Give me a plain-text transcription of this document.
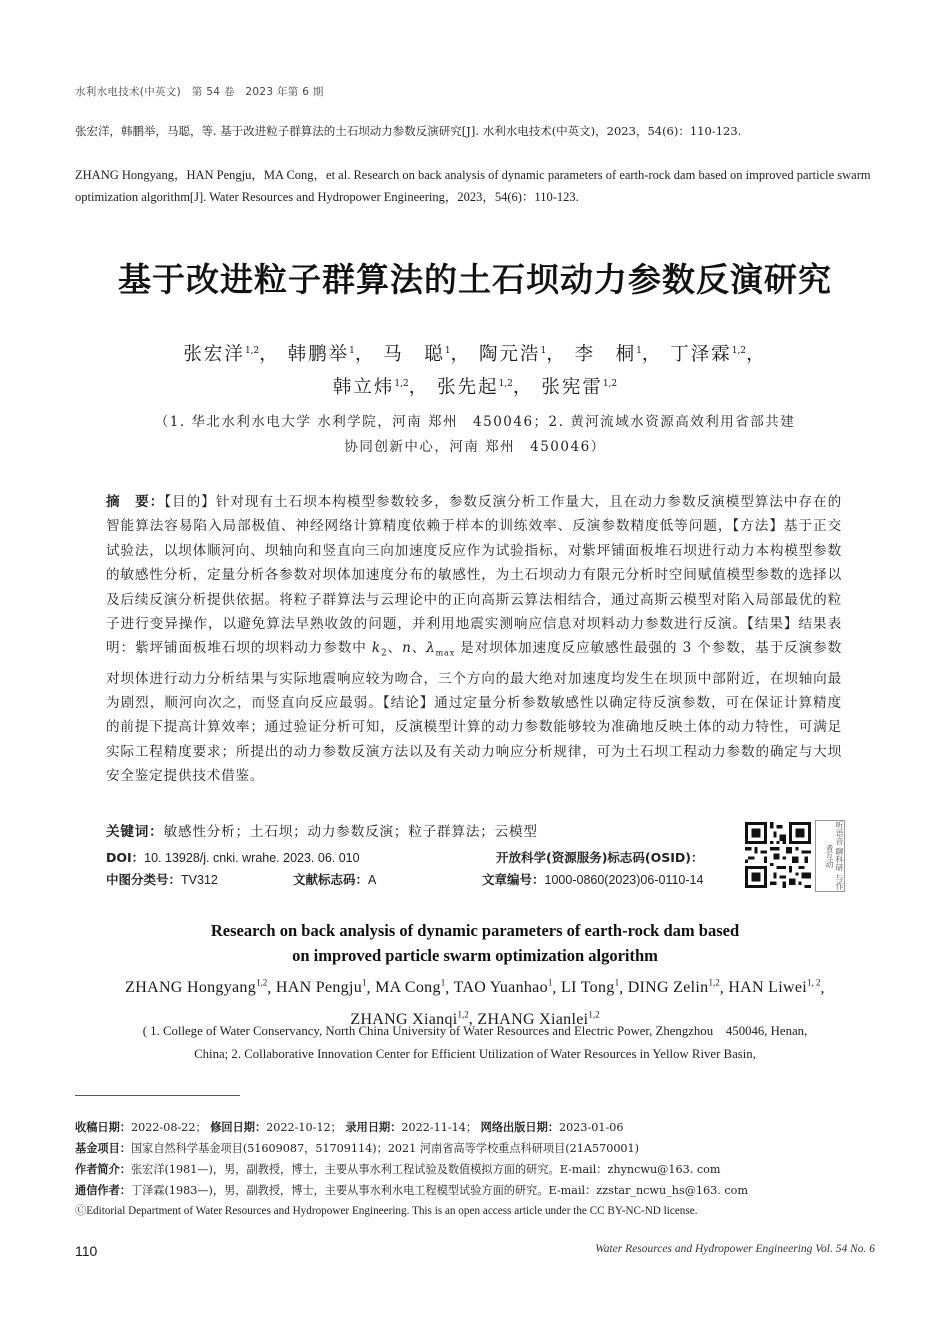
水利水电技术(中英文)　第 54 卷　2023 年第 6 期
张宏洋，韩鹏举，马聪，等. 基于改进粒子群算法的土石坝动力参数反演研究[J]. 水利水电技术(中英文)，2023，54(6)：110-123.
ZHANG Hongyang，HAN Pengju，MA Cong，et al. Research on back analysis of dynamic parameters of earth-rock dam based on improved particle swarm optimization algorithm[J]. Water Resources and Hydropower Engineering，2023，54(6)：110-123.
基于改进粒子群算法的土石坝动力参数反演研究
张宏洋$^{1,2}$， 韩鹏举$^1$， 马　聪$^1$， 陶元浩$^1$， 李　桐$^1$， 丁泽霖$^{1,2}$，
韩立炜$^{1,2}$， 张先起$^{1,2}$， 张宪雷$^{1,2}$
（1. 华北水利水电大学 水利学院，河南 郑州　450046；2. 黄河流域水资源高效利用省部共建
协同创新中心，河南 郑州　450046）
摘　要：【目的】针对现有土石坝本构模型参数较多，参数反演分析工作量大，且在动力参数反演模型算法中存在的智能算法容易陷入局部极值、神经网络计算精度依赖于样本的训练效率、反演参数精度低等问题，【方法】基于正交试验法，以坝体顺河向、坝轴向和竖直向三向加速度反应作为试验指标，对紫坪铺面板堆石坝进行动力本构模型参数的敏感性分析，定量分析各参数对坝体加速度分布的敏感性，为土石坝动力有限元分析时空间赋值模型参数的选择以及后续反演分析提供依据。将粒子群算法与云理论中的正向高斯云算法相结合，通过高斯云模型对陷入局部最优的粒子进行变异操作，以避免算法早熟收敛的问题，并利用地震实测响应信息对坝料动力参数进行反演。【结果】结果表明：紫坪铺面板堆石坝的坝料动力参数中 $k_2$、n、$\lambda_{max}$ 是对坝体加速度反应敏感性最强的 3 个参数，基于反演参数对坝体进行动力分析结果与实际地震响应较为吻合，三个方向的最大绝对加速度均发生在坝顶中部附近，在坝轴向最为剧烈，顺河向次之，而竖直向反应最弱。【结论】通过定量分析参数敏感性以确定待反演参数，可在保证计算精度的前提下提高计算效率；通过验证分析可知，反演模型计算的动力参数能够较为准确地反映土体的动力特性，可满足实际工程精度要求；所提出的动力参数反演方法以及有关动力响应分析规律，可为土石坝工程动力参数的确定与大坝安全鉴定提供技术借鉴。
关键词：敏感性分析；土石坝；动力参数反演；粒子群算法；云模型
DOI：10. 13928/j. cnki. wrahe. 2023. 06. 010	开放科学(资源服务)标志码(OSID)：
中图分类号：TV312	文献标志码：A	文章编号：1000-0860(2023)06-0110-14	听语音 聊科研 与作者互动
Research on back analysis of dynamic parameters of earth-rock dam based
on improved particle swarm optimization algorithm
ZHANG Hongyang$^{1,2}$, HAN Pengju$^1$, MA Cong$^1$, TAO Yuanhao$^1$, LI Tong$^1$, DING Zelin$^{1,2}$, HAN Liwei$^{1, 2}$,
ZHANG Xianqi$^{1,2}$, ZHANG Xianlei$^{1,2}$
( 1. College of Water Conservancy, North China University of Water Resources and Electric Power, Zhengzhou　450046, Henan,
China; 2. Collaborative Innovation Center for Efficient Utilization of Water Resources in Yellow River Basin,
收稿日期：2022-08-22； 修回日期：2022-10-12； 录用日期：2022-11-14； 网络出版日期：2023-01-06
基金项目：国家自然科学基金项目(51609087，51709114)；2021 河南省高等学校重点科研项目(21A570001)
作者简介：张宏洋(1981—)，男，副教授，博士，主要从事水利工程试验及数值模拟方面的研究。E-mail：zhyncwu@163. com
通信作者：丁泽霖(1983—)，男，副教授，博士，主要从事水利水电工程模型试验方面的研究。E-mail：zzstar_ncwu_hs@163. com
ⒸEditorial Department of Water Resources and Hydropower Engineering. This is an open access article under the CC BY-NC-ND license.
110	Water Resources and Hydropower Engineering Vol. 54 No. 6
